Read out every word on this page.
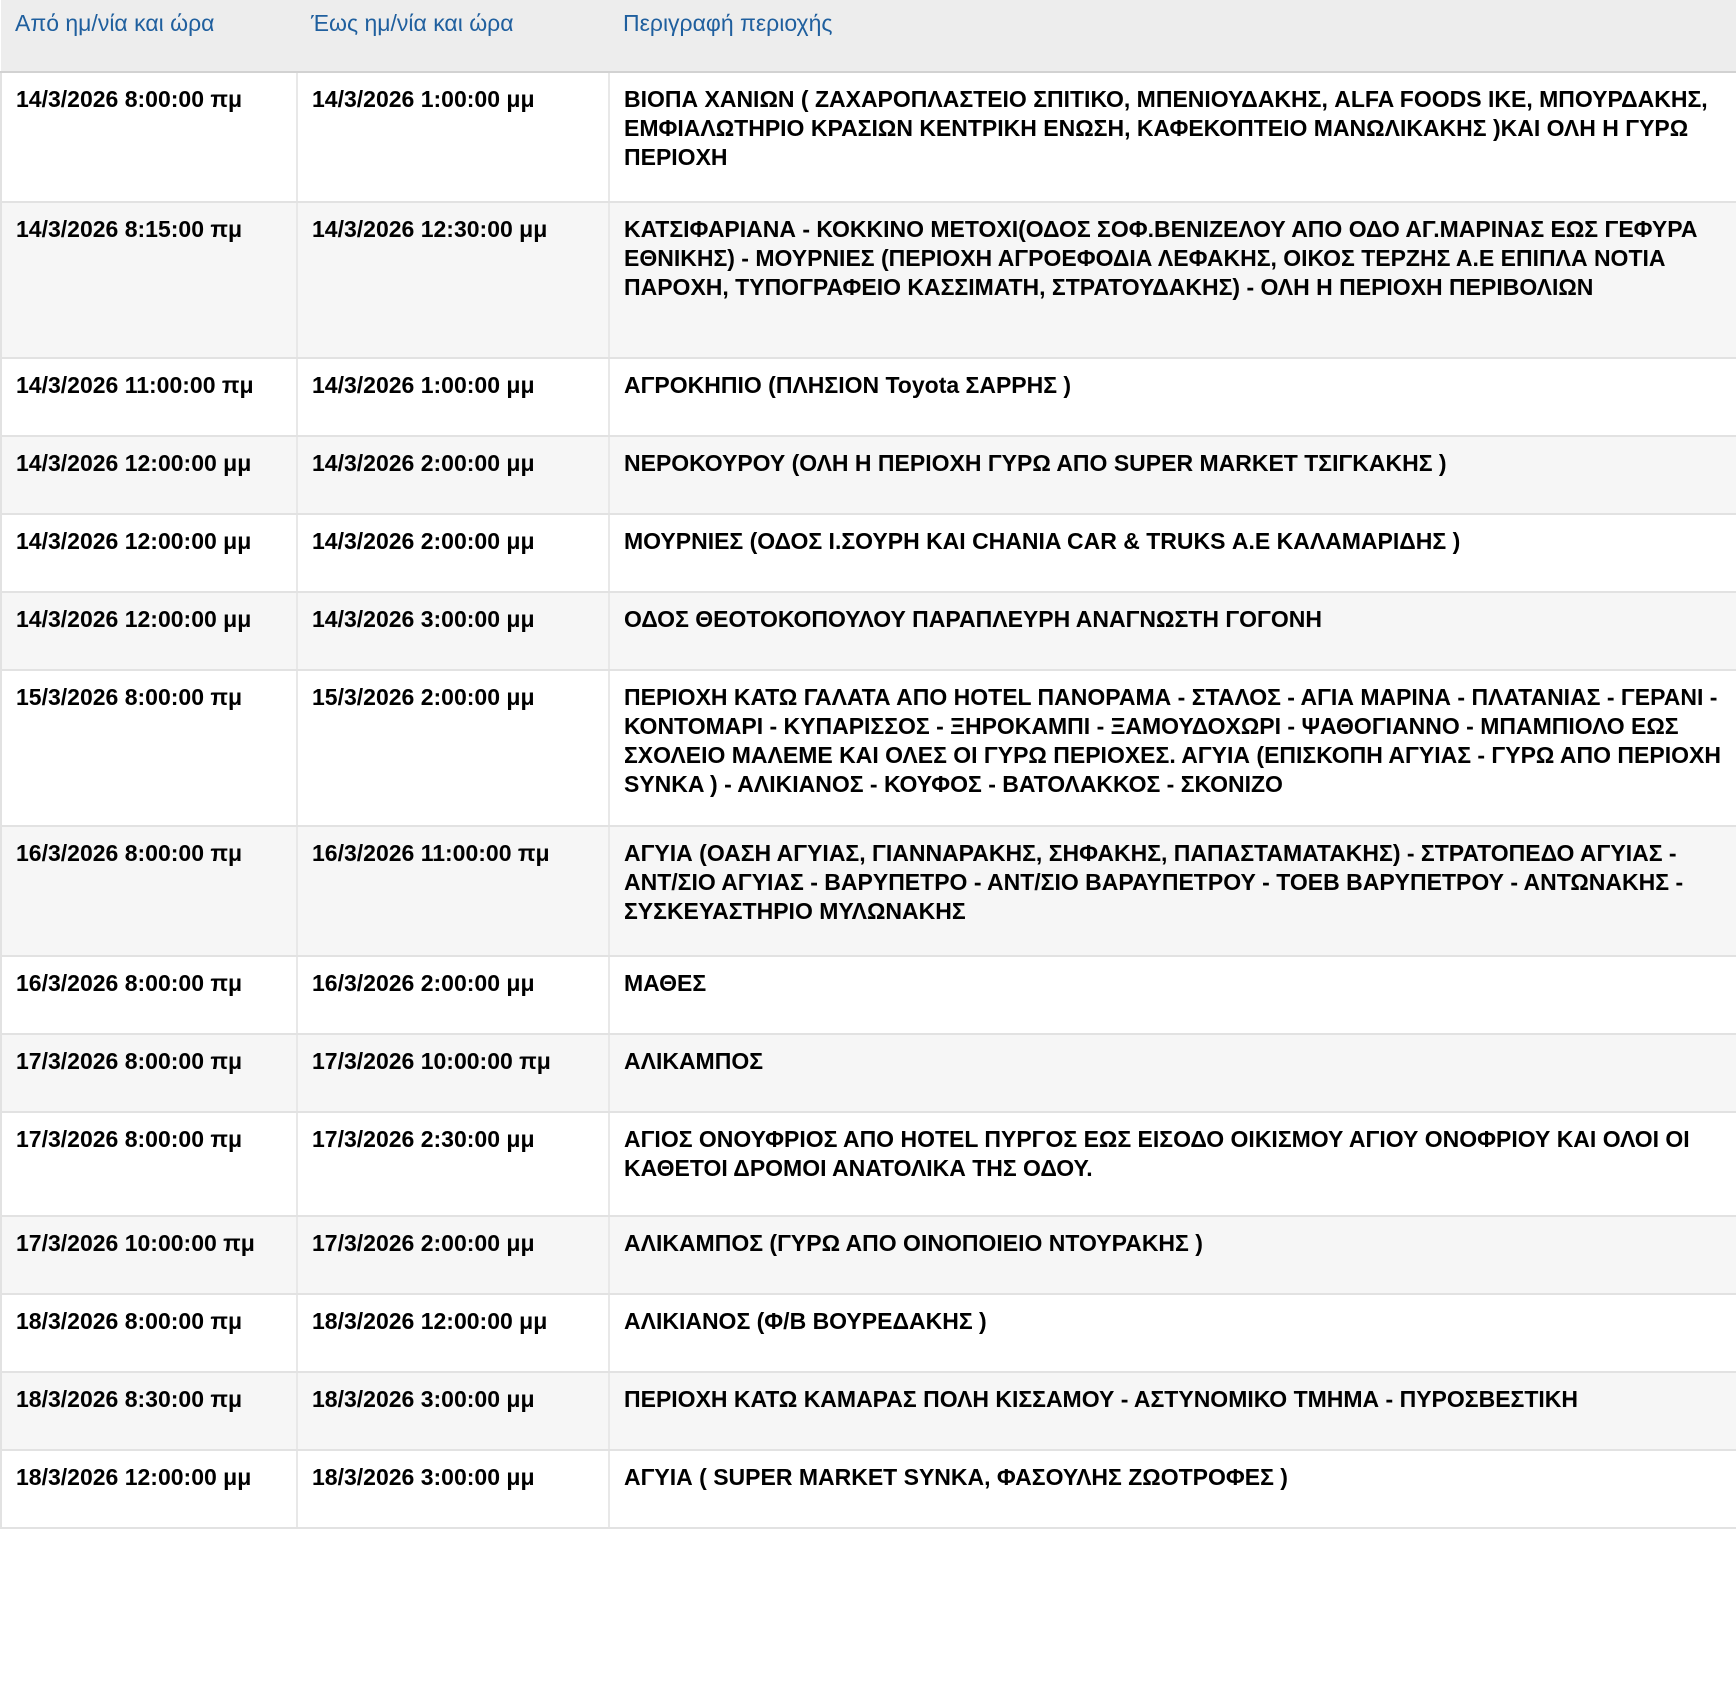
Από ημ/νία και ώρα	Έως ημ/νία και ώρα	Περιγραφή περιοχής
14/3/2026 8:00:00 πμ	14/3/2026 1:00:00 μμ	ΒΙΟΠΑ ΧΑΝΙΩΝ ( ΖΑΧΑΡΟΠΛΑΣΤΕΙΟ ΣΠΙΤΙΚΟ, ΜΠΕΝΙΟΥΔΑΚΗΣ, ALFA FOODS IKE, ΜΠΟΥΡΔΑΚΗΣ, ΕΜΦΙΑΛΩΤΗΡΙΟ ΚΡΑΣΙΩΝ ΚΕΝΤΡΙΚΗ ΕΝΩΣΗ, ΚΑΦΕΚΟΠΤΕΙΟ ΜΑΝΩΛΙΚΑΚΗΣ )ΚΑΙ ΟΛΗ Η ΓΥΡΩ ΠΕΡΙΟΧΗ
14/3/2026 8:15:00 πμ	14/3/2026 12:30:00 μμ	ΚΑΤΣΙΦΑΡΙΑΝΑ - ΚΟΚΚΙΝΟ ΜΕΤΟΧΙ(ΟΔΟΣ ΣΟΦ.ΒΕΝΙΖΕΛΟΥ ΑΠΟ ΟΔΟ ΑΓ.ΜΑΡΙΝΑΣ ΕΩΣ ΓΕΦΥΡΑ ΕΘΝΙΚΗΣ) - ΜΟΥΡΝΙΕΣ (ΠΕΡΙΟΧΗ ΑΓΡΟΕΦΟΔΙΑ ΛΕΦΑΚΗΣ, ΟΙΚΟΣ ΤΕΡΖΗΣ Α.Ε ΕΠΙΠΛΑ ΝΟΤΙΑ ΠΑΡΟΧΗ, ΤΥΠΟΓΡΑΦΕΙΟ ΚΑΣΣΙΜΑΤΗ, ΣΤΡΑΤΟΥΔΑΚΗΣ) - ΟΛΗ Η ΠΕΡΙΟΧΗ ΠΕΡΙΒΟΛΙΩΝ
14/3/2026 11:00:00 πμ	14/3/2026 1:00:00 μμ	ΑΓΡΟΚΗΠΙΟ (ΠΛΗΣΙΟΝ Toyota ΣΑΡΡΗΣ )
14/3/2026 12:00:00 μμ	14/3/2026 2:00:00 μμ	ΝΕΡΟΚΟΥΡΟΥ (ΟΛΗ Η ΠΕΡΙΟΧΗ ΓΥΡΩ ΑΠΟ SUPER MARKET ΤΣΙΓΚΑΚΗΣ )
14/3/2026 12:00:00 μμ	14/3/2026 2:00:00 μμ	ΜΟΥΡΝΙΕΣ (ΟΔΟΣ Ι.ΣΟΥΡΗ ΚΑΙ CHANIA CAR & TRUKS Α.Ε ΚΑΛΑΜΑΡΙΔΗΣ )
14/3/2026 12:00:00 μμ	14/3/2026 3:00:00 μμ	ΟΔΟΣ ΘΕΟΤΟΚΟΠΟΥΛΟΥ ΠΑΡΑΠΛΕΥΡΗ ΑΝΑΓΝΩΣΤΗ ΓΟΓΟΝΗ
15/3/2026 8:00:00 πμ	15/3/2026 2:00:00 μμ	ΠΕΡΙΟΧΗ ΚΑΤΩ ΓΑΛΑΤΑ ΑΠΟ HOTEL ΠΑΝΟΡΑΜΑ - ΣΤΑΛΟΣ - ΑΓΙΑ ΜΑΡΙΝΑ - ΠΛΑΤΑΝΙΑΣ - ΓΕΡΑΝΙ - ΚΟΝΤΟΜΑΡΙ - ΚΥΠΑΡΙΣΣΟΣ - ΞΗΡΟΚΑΜΠΙ - ΞΑΜΟΥΔΟΧΩΡΙ - ΨΑΘΟΓΙΑΝΝΟ - ΜΠΑΜΠΙΟΛΟ ΕΩΣ ΣΧΟΛΕΙΟ ΜΑΛΕΜΕ ΚΑΙ ΟΛΕΣ ΟΙ ΓΥΡΩ ΠΕΡΙΟΧΕΣ. ΑΓΥΙΑ (ΕΠΙΣΚΟΠΗ ΑΓΥΙΑΣ - ΓΥΡΩ ΑΠΟ ΠΕΡΙΟΧΗ SYNKA ) - ΑΛΙΚΙΑΝΟΣ - ΚΟΥΦΟΣ - ΒΑΤΟΛΑΚΚΟΣ - ΣΚΟΝΙΖΟ
16/3/2026 8:00:00 πμ	16/3/2026 11:00:00 πμ	ΑΓΥΙΑ (ΟΑΣΗ ΑΓΥΙΑΣ, ΓΙΑΝΝΑΡΑΚΗΣ, ΣΗΦΑΚΗΣ, ΠΑΠΑΣΤΑΜΑΤΑΚΗΣ) - ΣΤΡΑΤΟΠΕΔΟ ΑΓΥΙΑΣ - ΑΝΤ/ΣΙΟ ΑΓΥΙΑΣ - ΒΑΡΥΠΕΤΡΟ - ΑΝΤ/ΣΙΟ ΒΑΡΑΥΠΕΤΡΟΥ - ΤΟΕΒ ΒΑΡΥΠΕΤΡΟΥ - ΑΝΤΩΝΑΚΗΣ - ΣΥΣΚΕΥΑΣΤΗΡΙΟ ΜΥΛΩΝΑΚΗΣ
16/3/2026 8:00:00 πμ	16/3/2026 2:00:00 μμ	ΜΑΘΕΣ
17/3/2026 8:00:00 πμ	17/3/2026 10:00:00 πμ	ΑΛΙΚΑΜΠΟΣ
17/3/2026 8:00:00 πμ	17/3/2026 2:30:00 μμ	ΑΓΙΟΣ ΟΝΟΥΦΡΙΟΣ ΑΠΟ HOTEL ΠΥΡΓΟΣ ΕΩΣ ΕΙΣΟΔΟ ΟΙΚΙΣΜΟΥ ΑΓΙΟΥ ΟΝΟΦΡΙΟΥ ΚΑΙ ΟΛΟΙ ΟΙ ΚΑΘΕΤΟΙ ΔΡΟΜΟΙ ΑΝΑΤΟΛΙΚΑ ΤΗΣ ΟΔΟΥ.
17/3/2026 10:00:00 πμ	17/3/2026 2:00:00 μμ	ΑΛΙΚΑΜΠΟΣ (ΓΥΡΩ ΑΠΟ ΟΙΝΟΠΟΙΕΙΟ ΝΤΟΥΡΑΚΗΣ )
18/3/2026 8:00:00 πμ	18/3/2026 12:00:00 μμ	ΑΛΙΚΙΑΝΟΣ (Φ/Β ΒΟΥΡΕΔΑΚΗΣ )
18/3/2026 8:30:00 πμ	18/3/2026 3:00:00 μμ	ΠΕΡΙΟΧΗ ΚΑΤΩ ΚΑΜΑΡΑΣ ΠΟΛΗ ΚΙΣΣΑΜΟΥ - ΑΣΤΥΝΟΜΙΚΟ ΤΜΗΜΑ - ΠΥΡΟΣΒΕΣΤΙΚΗ
18/3/2026 12:00:00 μμ	18/3/2026 3:00:00 μμ	ΑΓΥΙΑ ( SUPER MARKET SYNKA, ΦΑΣΟΥΛΗΣ ΖΩΟΤΡΟΦΕΣ )
